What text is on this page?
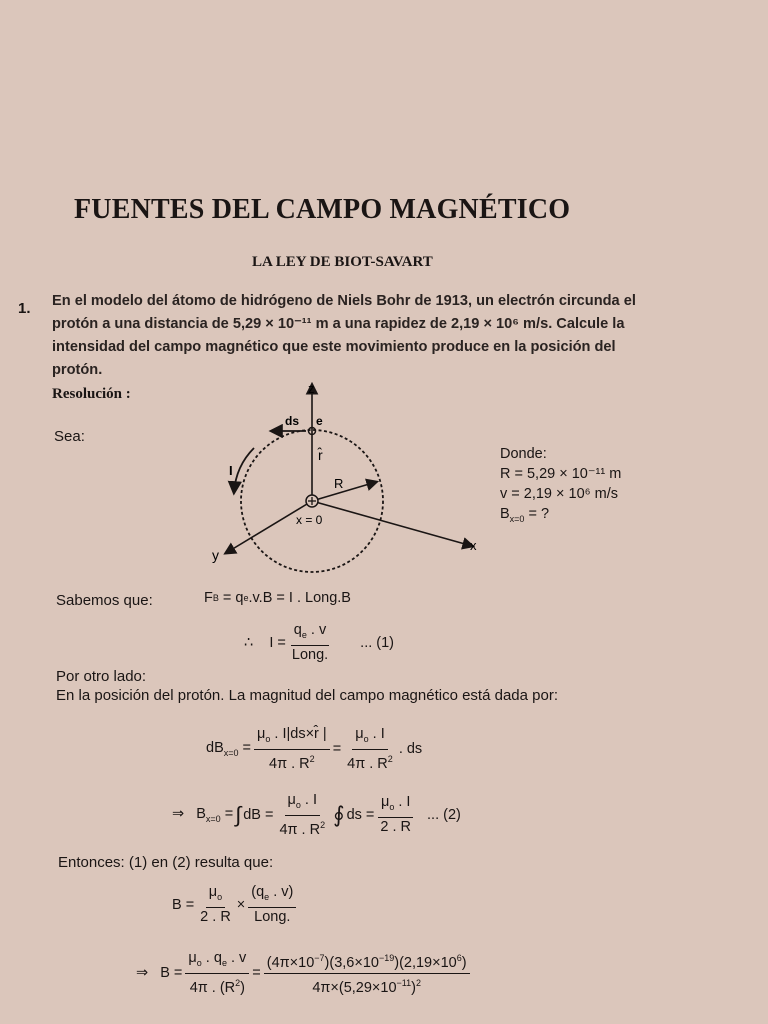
FUENTES DEL CAMPO MAGNÉTICO
LA LEY DE BIOT-SAVART
1. En el modelo del átomo de hidrógeno de Niels Bohr de 1913, un electrón circunda el
protón a una distancia de 5,29 × 10⁻¹¹ m a una rapidez de 2,19 × 10⁶ m/s. Calcule la
intensidad del campo magnético que este movimiento produce en la posición del
protón.
Resolución :
Sea:
z
ds e
r̂
R
I
x = 0
y
x
Donde:
R = 5,29 × 10⁻¹¹ m
v = 2,19 × 10⁶ m/s
$B_{x=0}$ = ?
Sabemos que:	F B
= q e .v.B = I . Long.B
∴    $I = \frac{q_e . v}{\text{Long.}}$ ... (1)
Por otro lado:
En la posición del protón. La magnitud del campo magnético está dada por:
$dB_{x=0} = \frac{\mu_o . I|ds\times r̂ |}{4\pi . R^2} = \frac{\mu_o . I}{4\pi . R^2}$ . ds
⇒   $B_{x=0}$ = ∫ dB = $\frac{\mu_o . I}{4\pi . R^2}$ ∮ ds = $\frac{\mu_o . I}{2 . R}$ ... (2)
Entonces: (1) en (2) resulta que:
$B = \frac{\mu_o}{2 . R} \times \frac{(q_e . v)}{\text{Long.}}$
⇒   $B = \frac{\mu_o . q_e . v}{4\pi . (R^2)} = \frac{(4\pi\times 10^{-7})(3,6\times 10^{-19})(2,19\times 10^6)}{4\pi\times(5,29\times 10^{-11})^2}$
